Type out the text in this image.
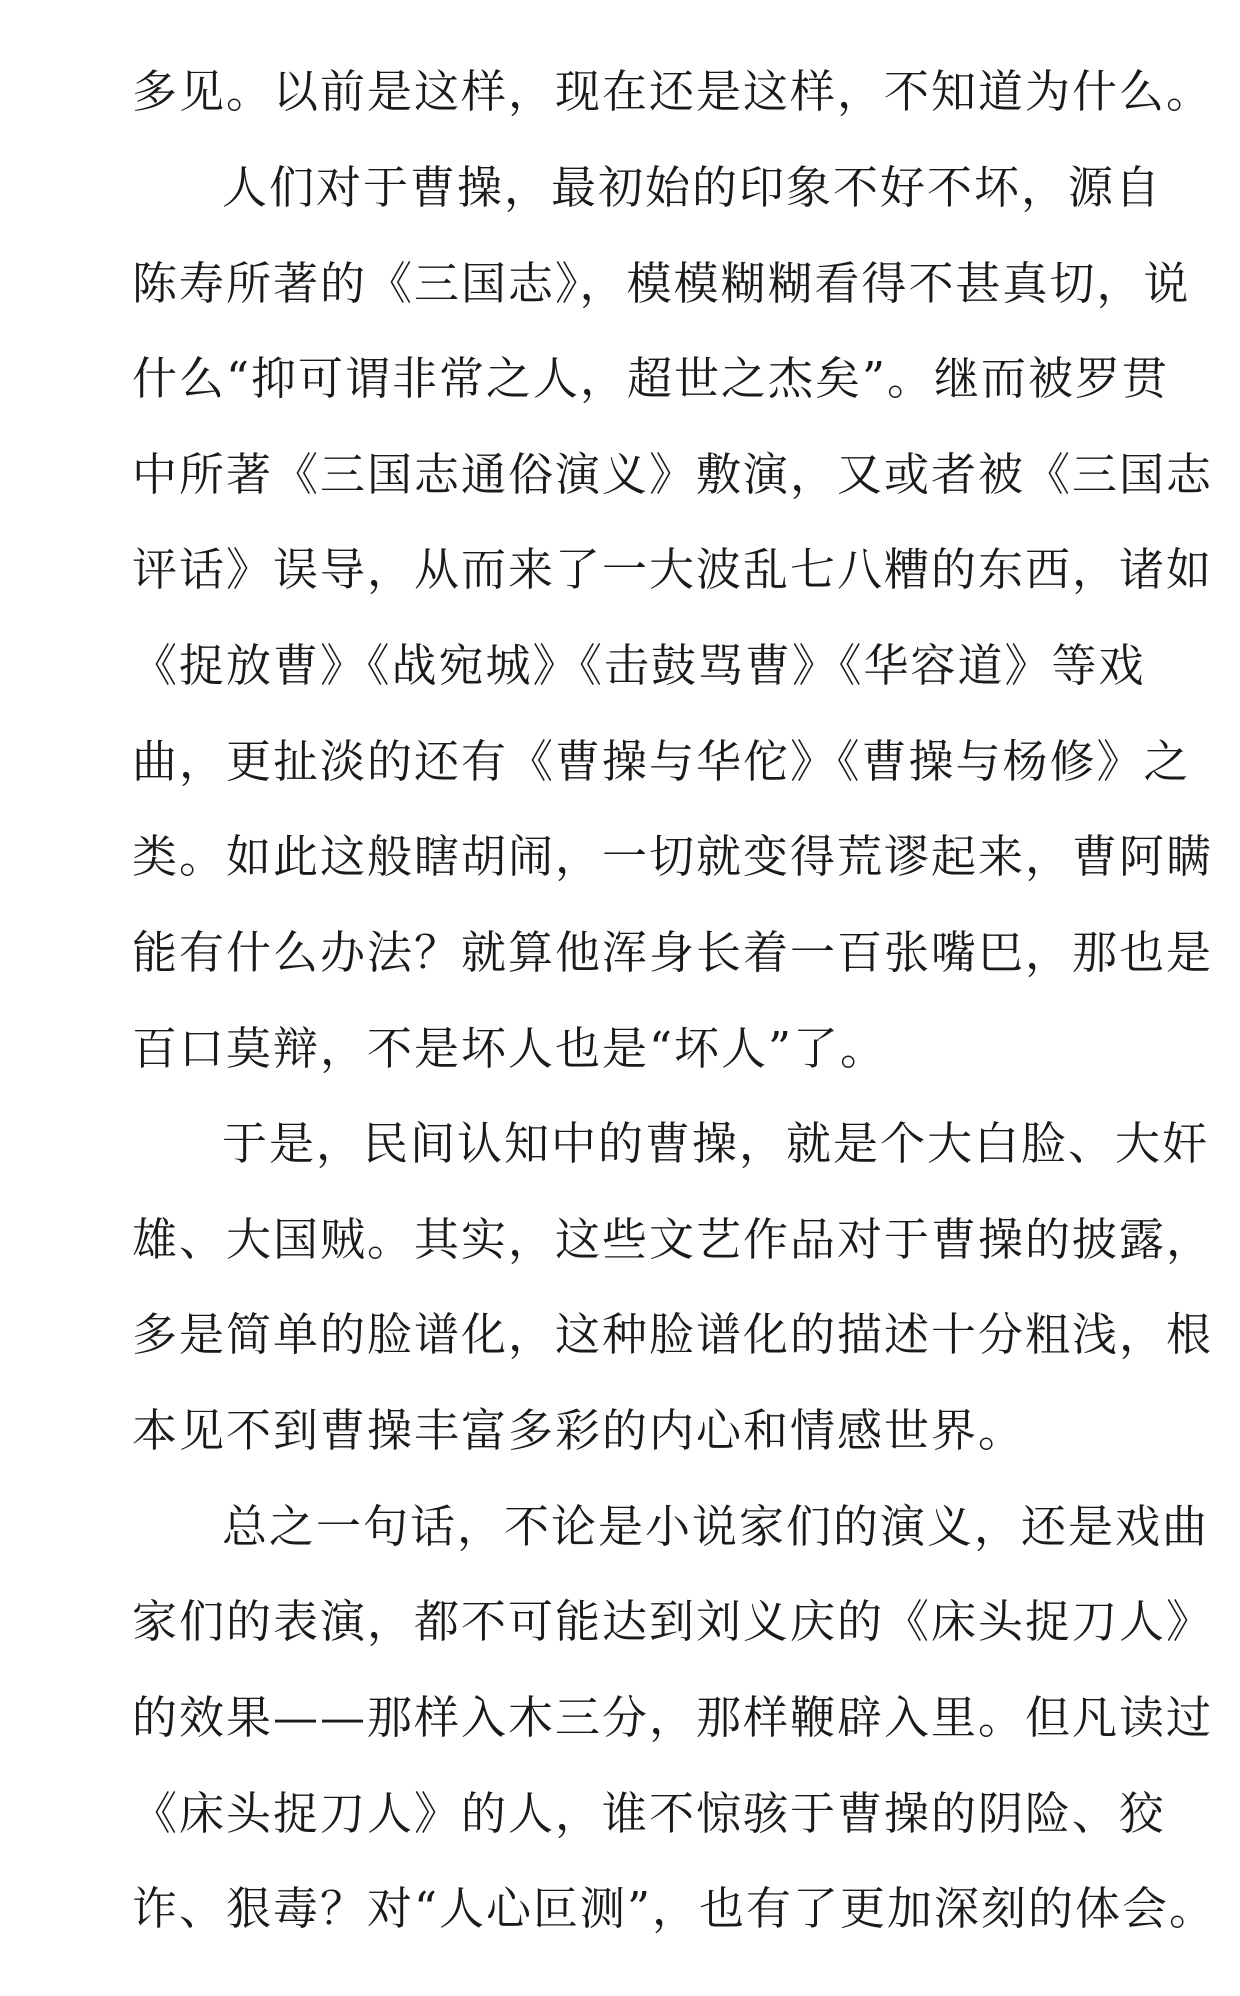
多见。以前是这样，现在还是这样，不知道为什么。
人们对于曹操，最初始的印象不好不坏，源自
陈寿所著的《三国志》，模模糊糊看得不甚真切，说
什么“抑可谓非常之人，超世之杰矣”。继而被罗贯
中所著《三国志通俗演义》敷演，又或者被《三国志
评话》误导，从而来了一大波乱七八糟的东西，诸如
《捉放曹》《战宛城》《击鼓骂曹》《华容道》等戏
曲，更扯淡的还有《曹操与华佗》《曹操与杨修》之
类。如此这般瞎胡闹，一切就变得荒谬起来，曹阿瞒
能有什么办法？就算他浑身长着一百张嘴巴，那也是
百口莫辩，不是坏人也是“坏人”了。
于是，民间认知中的曹操，就是个大白脸、大奸
雄、大国贼。其实，这些文艺作品对于曹操的披露，
多是简单的脸谱化，这种脸谱化的描述十分粗浅，根
本见不到曹操丰富多彩的内心和情感世界。
总之一句话，不论是小说家们的演义，还是戏曲
家们的表演，都不可能达到刘义庆的《床头捉刀人》
的效果——那样入木三分，那样鞭辟入里。但凡读过
《床头捉刀人》的人，谁不惊骇于曹操的阴险、狡
诈、狠毒？对“人心叵测”，也有了更加深刻的体会。
